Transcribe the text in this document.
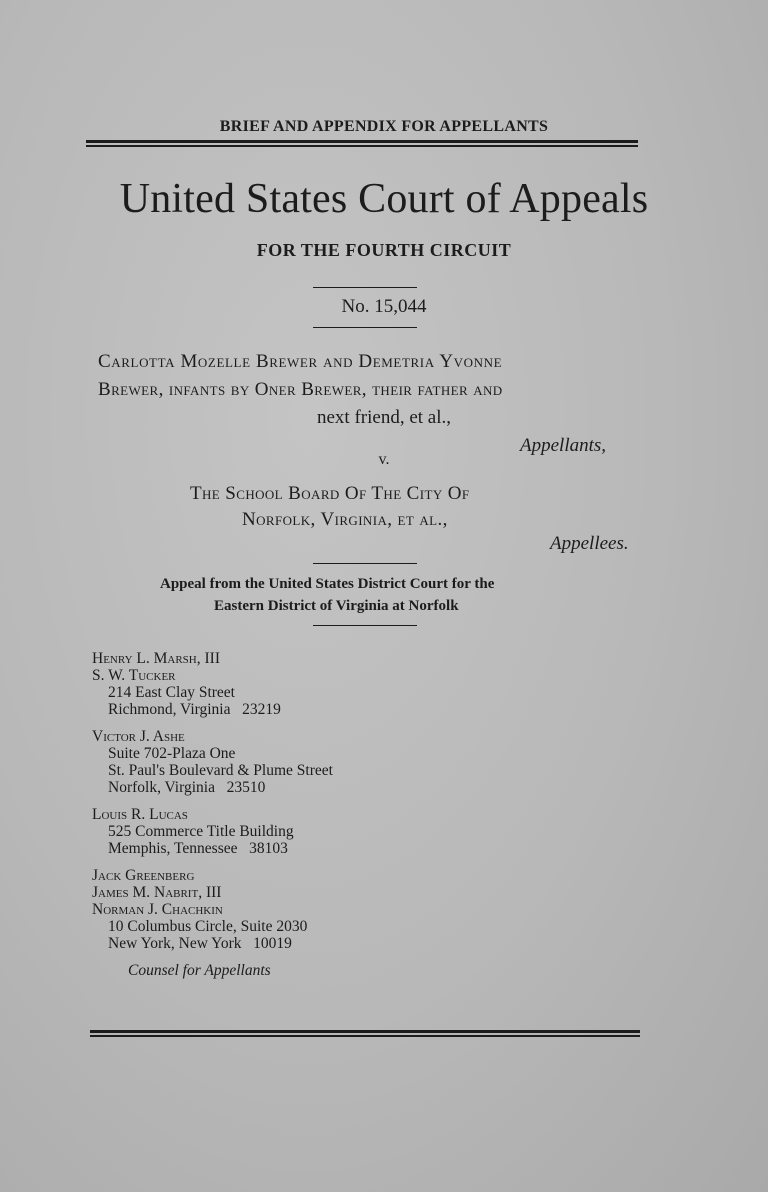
BRIEF AND APPENDIX FOR APPELLANTS
United States Court of Appeals
FOR THE FOURTH CIRCUIT
No. 15,044
Carlotta Mozelle Brewer and Demetria Yvonne
Brewer, infants by Oner Brewer, their father and
next friend, et al.,
Appellants,
v.
The School Board Of The City Of
Norfolk, Virginia, et al.,
Appellees.
Appeal from the United States District Court for the
Eastern District of Virginia at Norfolk
Henry L. Marsh, III
S. W. Tucker
214 East Clay Street
Richmond, Virginia   23219
Victor J. Ashe
Suite 702-Plaza One
St. Paul's Boulevard & Plume Street
Norfolk, Virginia   23510
Louis R. Lucas
525 Commerce Title Building
Memphis, Tennessee   38103
Jack Greenberg
James M. Nabrit, III
Norman J. Chachkin
10 Columbus Circle, Suite 2030
New York, New York   10019
Counsel for Appellants
